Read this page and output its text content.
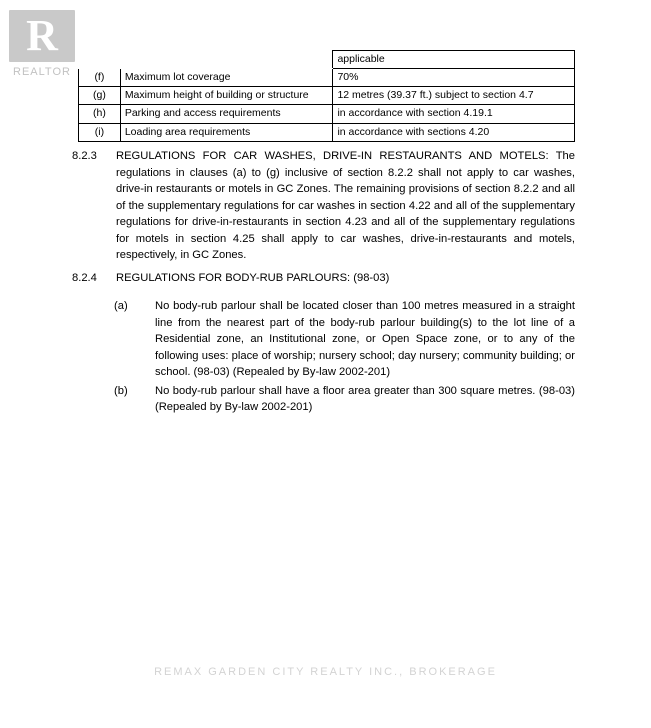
R
REALTOR
		applicable
(f)	Maximum lot coverage	70%
(g)	Maximum height of building or structure	12 metres (39.37 ft.) subject to section 4.7
(h)	Parking and access requirements	in accordance with section 4.19.1
(i)	Loading area requirements	in accordance with sections 4.20
8.2.3	REGULATIONS FOR CAR WASHES, DRIVE-IN RESTAURANTS AND MOTELS: The regulations in clauses (a) to (g) inclusive of section 8.2.2 shall not apply to car washes, drive-in restaurants or motels in GC Zones. The remaining provisions of section 8.2.2 and all of the supplementary regulations for car washes in section 4.22 and all of the supplementary regulations for drive-in-restaurants in section 4.23 and all of the supplementary regulations for motels in section 4.25 shall apply to car washes, drive-in-restaurants and motels, respectively, in GC Zones.
8.2.4	REGULATIONS FOR BODY-RUB PARLOURS: (98-03)
(a) No body-rub parlour shall be located closer than 100 metres measured in a straight line from the nearest part of the body-rub parlour building(s) to the lot line of a Residential zone, an Institutional zone, or Open Space zone, or to any of the following uses: place of worship; nursery school; day nursery; community building; or school. (98-03) (Repealed by By-law 2002-201)
(b) No body-rub parlour shall have a floor area greater than 300 square metres. (98-03)(Repealed by By-law 2002-201)
REMAX GARDEN CITY REALTY INC., BROKERAGE
